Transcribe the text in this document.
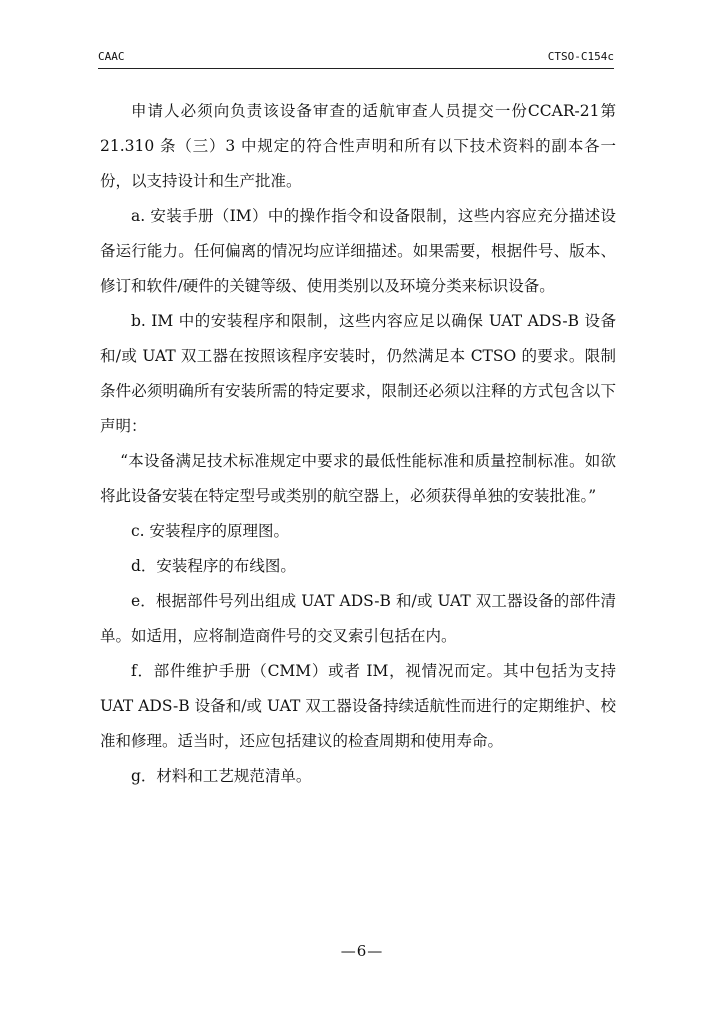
CAAC	CTSO-C154c

申请人必须向负责该设备审查的适航审查人员提交一份CCAR-21第 21.310 条（三）3 中规定的符合性声明和所有以下技术资料的副本各一份，以支持设计和生产批准。

a. 安装手册（IM）中的操作指令和设备限制，这些内容应充分描述设备运行能力。任何偏离的情况均应详细描述。如果需要，根据件号、版本、修订和软件/硬件的关键等级、使用类别以及环境分类来标识设备。

b. IM 中的安装程序和限制，这些内容应足以确保 UAT ADS-B 设备和/或 UAT 双工器在按照该程序安装时，仍然满足本 CTSO 的要求。限制条件必须明确所有安装所需的特定要求，限制还必须以注释的方式包含以下声明：

“本设备满足技术标准规定中要求的最低性能标准和质量控制标准。如欲将此设备安装在特定型号或类别的航空器上，必须获得单独的安装批准。”

c. 安装程序的原理图。

d．安装程序的布线图。

e．根据部件号列出组成 UAT ADS-B 和/或 UAT 双工器设备的部件清单。如适用，应将制造商件号的交叉索引包括在内。

f．部件维护手册（CMM）或者 IM，视情况而定。其中包括为支持 UAT ADS-B 设备和/或 UAT 双工器设备持续适航性而进行的定期维护、校准和修理。适当时，还应包括建议的检查周期和使用寿命。

g．材料和工艺规范清单。

—6—
